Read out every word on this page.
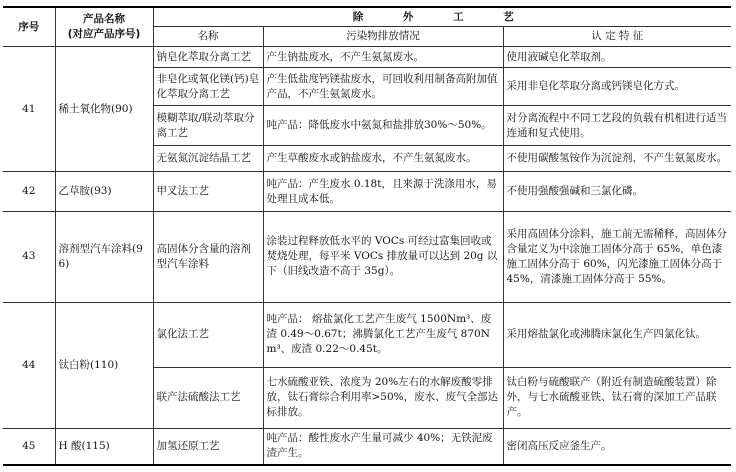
序号	产品名称
(对应产品序号)	除 外 工 艺		
		名称	污染物排放情况	认 定 特 征
41	稀土氧化物(90)	钠皂化萃取分离工艺	产生钠盐废水，不产生氨氮废水。	使用液碱皂化萃取剂。
		非皂化或氧化镁(钙)皂化萃取分离工艺	产生低盐度钙镁盐废水，可回收利用制备高附加值产品，不产生氨氮废水。	采用非皂化萃取分离或钙镁皂化方式。
		模糊萃取/联动萃取分离工艺	吨产品：降低废水中氨氮和盐排放30%～50%。	对分离流程中不同工艺段的负载有机相进行适当连通和复式使用。
		无氨氮沉淀结晶工艺	产生草酸废水或钠盐废水，不产生氨氮废水。	不使用碳酸氢铵作为沉淀剂，不产生氨氮废水。
42	乙草胺(93)	甲叉法工艺	吨产品：产生废水 0.18t，且来源于洗涤用水，易处理且成本低。	不使用强酸强碱和三氯化磷。
43	溶剂型汽车涂料(96)	高固体分含量的溶剂型汽车涂料	涂装过程释放低水平的 VOCs 可经过富集回收或焚烧处理，每平米 VOCs 排放量可以达到 20g 以下（旧线改造不高于 35g）。	采用高固体分涂料，施工前无需稀释，高固体分含量定义为中涂施工固体分高于 65%，单色漆施工固体分高于 60%，闪光漆施工固体分高于 45%，清漆施工固体分高于 55%。
44	钛白粉(110)	氯化法工艺	吨产品： 熔盐氯化工艺产生废气 1500Nm³、废渣 0.49～0.67t；沸腾氯化工艺产生废气 870Nm³、废渣 0.22～0.45t。	采用熔盐氯化或沸腾床氯化生产四氯化钛。
		联产法硫酸法工艺	七水硫酸亚铁、浓度为 20%左右的水解废酸零排放，钛石膏综合利用率>50%，废水、废气全部达标排放。	钛白粉与硫酸联产（附近有制造硫酸装置）除外，与七水硫酸亚铁、钛石膏的深加工产品联产。
45	H 酸(115)	加氢还原工艺	吨产品：酸性废水产生量可减少 40%；无铁泥废渣产生。	密闭高压反应釜生产。
